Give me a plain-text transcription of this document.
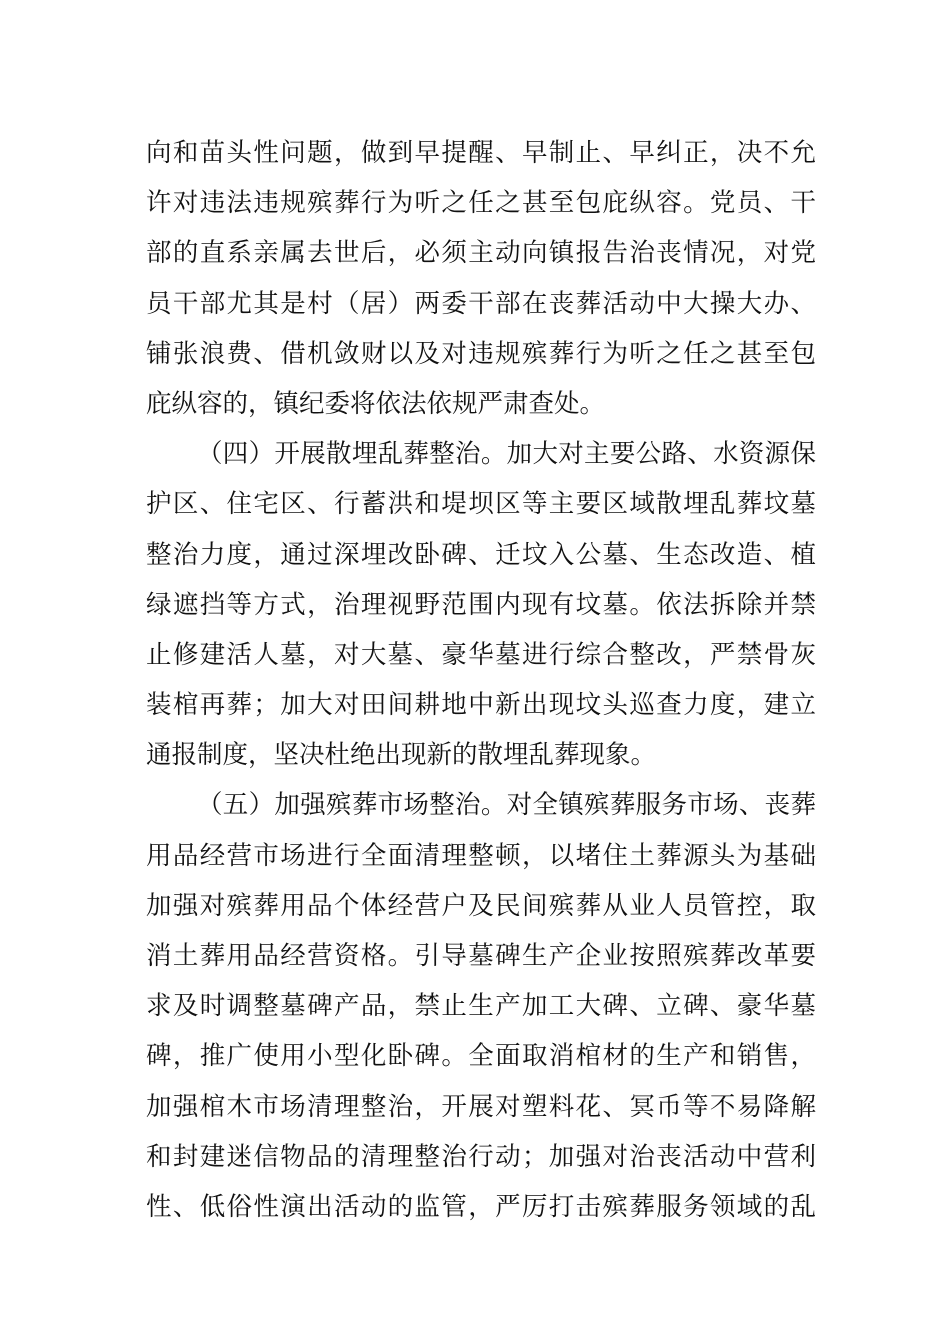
向和苗头性问题，做到早提醒、早制止、早纠正，决不允
许对违法违规殡葬行为听之任之甚至包庇纵容。党员、干
部的直系亲属去世后，必须主动向镇报告治丧情况，对党
员干部尤其是村（居）两委干部在丧葬活动中大操大办、
铺张浪费、借机敛财以及对违规殡葬行为听之任之甚至包
庇纵容的，镇纪委将依法依规严肃查处。
（四）开展散埋乱葬整治。加大对主要公路、水资源保
护区、住宅区、行蓄洪和堤坝区等主要区域散埋乱葬坟墓
整治力度，通过深埋改卧碑、迁坟入公墓、生态改造、植
绿遮挡等方式，治理视野范围内现有坟墓。依法拆除并禁
止修建活人墓，对大墓、豪华墓进行综合整改，严禁骨灰
装棺再葬；加大对田间耕地中新出现坟头巡查力度，建立
通报制度，坚决杜绝出现新的散埋乱葬现象。
（五）加强殡葬市场整治。对全镇殡葬服务市场、丧葬
用品经营市场进行全面清理整顿，以堵住土葬源头为基础
加强对殡葬用品个体经营户及民间殡葬从业人员管控，取
消土葬用品经营资格。引导墓碑生产企业按照殡葬改革要
求及时调整墓碑产品，禁止生产加工大碑、立碑、豪华墓
碑，推广使用小型化卧碑。全面取消棺材的生产和销售，
加强棺木市场清理整治，开展对塑料花、冥币等不易降解
和封建迷信物品的清理整治行动；加强对治丧活动中营利
性、低俗性演出活动的监管，严厉打击殡葬服务领域的乱
